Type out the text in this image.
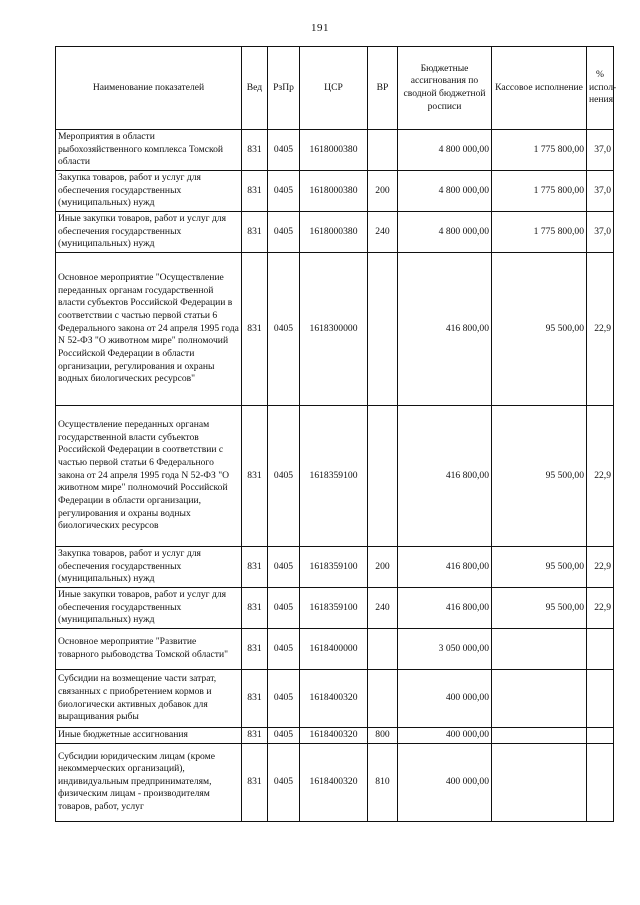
191
Наименование показателей	Вед	РзПр	ЦСР	ВР	Бюджетные ассигнования по сводной бюджетной росписи	Кассовое исполнение	% испол-нения
Мероприятия в области рыбохозяйственного комплекса Томской области	831	0405	1618000380		4 800 000,00	1 775 800,00	37,0
Закупка товаров, работ и услуг для обеспечения государственных (муниципальных) нужд	831	0405	1618000380	200	4 800 000,00	1 775 800,00	37,0
Иные закупки товаров, работ и услуг для обеспечения государственных (муниципальных) нужд	831	0405	1618000380	240	4 800 000,00	1 775 800,00	37,0
Основное мероприятие "Осуществление переданных органам государственной власти субъектов Российской Федерации в соответствии с частью первой статьи 6 Федерального закона от 24 апреля 1995 года N 52-ФЗ "О животном мире" полномочий Российской Федерации в области организации, регулирования и охраны водных биологических ресурсов"	831	0405	1618300000		416 800,00	95 500,00	22,9
Осуществление переданных органам государственной власти субъектов Российской Федерации в соответствии с частью первой статьи 6 Федерального закона от 24 апреля 1995 года N 52-ФЗ "О животном мире" полномочий Российской Федерации в области организации, регулирования и охраны водных биологических ресурсов	831	0405	1618359100		416 800,00	95 500,00	22,9
Закупка товаров, работ и услуг для обеспечения государственных (муниципальных) нужд	831	0405	1618359100	200	416 800,00	95 500,00	22,9
Иные закупки товаров, работ и услуг для обеспечения государственных (муниципальных) нужд	831	0405	1618359100	240	416 800,00	95 500,00	22,9
Основное мероприятие "Развитие товарного рыбоводства Томской области"	831	0405	1618400000		3 050 000,00		
Субсидии на возмещение части затрат, связанных с приобретением кормов и биологически активных добавок для выращивания рыбы	831	0405	1618400320		400 000,00		
Иные бюджетные ассигнования	831	0405	1618400320	800	400 000,00		
Субсидии юридическим лицам (кроме некоммерческих организаций), индивидуальным предпринимателям, физическим лицам - производителям товаров, работ, услуг	831	0405	1618400320	810	400 000,00		
